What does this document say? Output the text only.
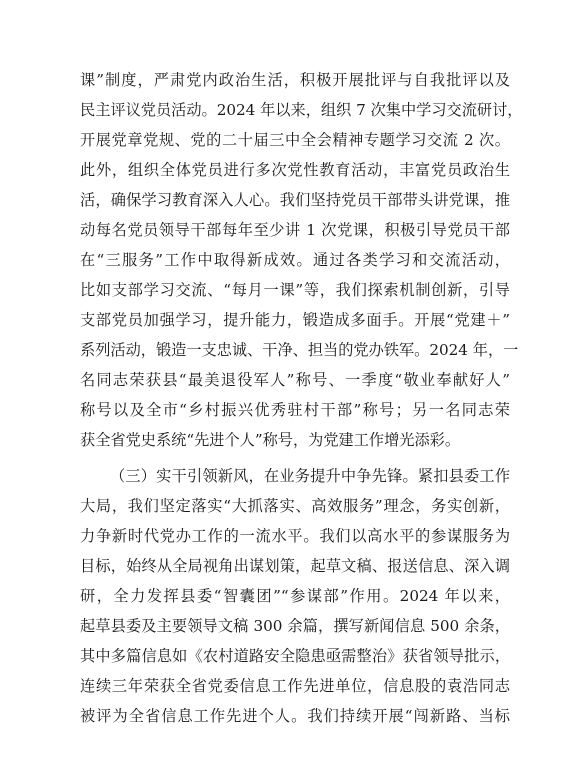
课”制度，严肃党内政治生活，积极开展批评与自我批评以及
民主评议党员活动。2024 年以来，组织 7 次集中学习交流研讨，
开展党章党规、党的二十届三中全会精神专题学习交流 2 次。
此外，组织全体党员进行多次党性教育活动，丰富党员政治生
活，确保学习教育深入人心。我们坚持党员干部带头讲党课，推
动每名党员领导干部每年至少讲 1 次党课，积极引导党员干部
在“三服务”工作中取得新成效。通过各类学习和交流活动，
比如支部学习交流、“每月一课”等，我们探索机制创新，引导
支部党员加强学习，提升能力，锻造成多面手。开展“党建＋”
系列活动，锻造一支忠诚、干净、担当的党办铁军。2024 年，一
名同志荣获县“最美退役军人”称号、一季度“敬业奉献好人”
称号以及全市“乡村振兴优秀驻村干部”称号；另一名同志荣
获全省党史系统“先进个人”称号，为党建工作增光添彩。
（三）实干引领新风，在业务提升中争先锋。紧扣县委工作
大局，我们坚定落实“大抓落实、高效服务”理念，务实创新，
力争新时代党办工作的一流水平。我们以高水平的参谋服务为
目标，始终从全局视角出谋划策，起草文稿、报送信息、深入调
研，全力发挥县委“智囊团”“参谋部”作用。2024 年以来，
起草县委及主要领导文稿 300 余篇，撰写新闻信息 500 余条，
其中多篇信息如《农村道路安全隐患亟需整治》获省领导批示，
连续三年荣获全省党委信息工作先进单位，信息股的袁浩同志
被评为全省信息工作先进个人。我们持续开展“闯新路、当标
